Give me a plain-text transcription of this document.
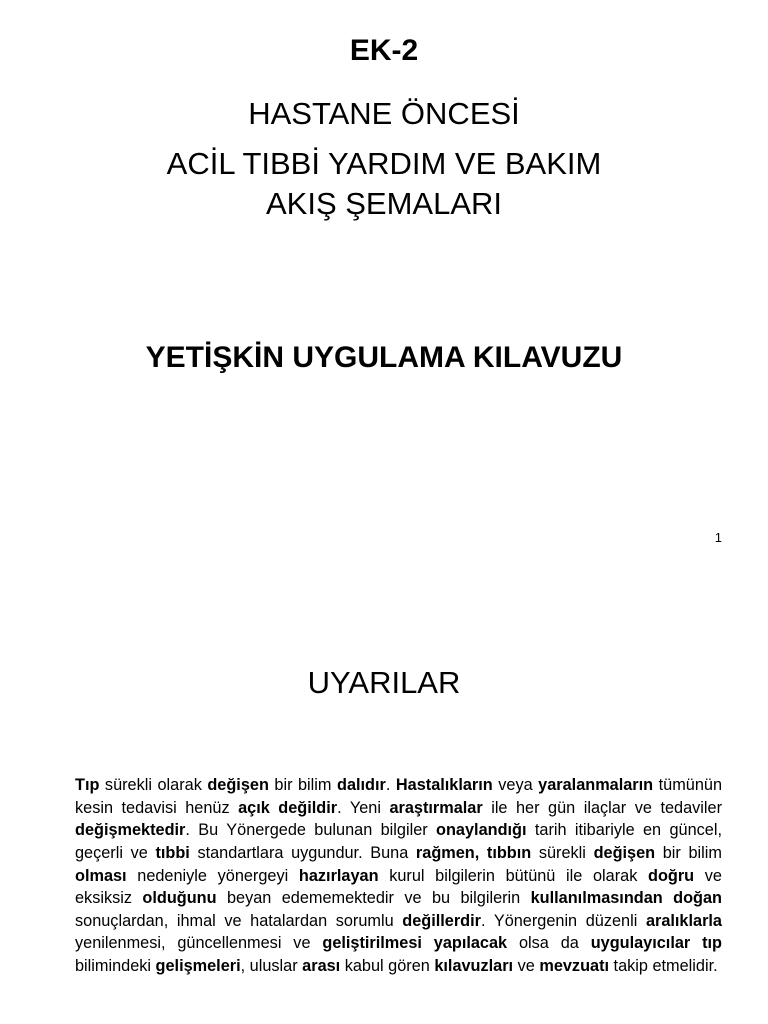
EK-2
HASTANE ÖNCESİ
ACİL TIBBİ YARDIM VE BAKIM
AKIŞ ŞEMALARI
YETİŞKİN UYGULAMA KILAVUZU
1
UYARILAR

Tıp sürekli olarak değişen bir bilim dalıdır. Hastalıkların veya yaralanmaların tümünün kesin tedavisi henüz açık değildir. Yeni araştırmalar ile her gün ilaçlar ve tedaviler değişmektedir. Bu Yönergede bulunan bilgiler onaylandığı tarih itibariyle en güncel, geçerli ve tıbbi standartlara uygundur. Buna rağmen, tıbbın sürekli değişen bir bilim olması nedeniyle yönergeyi hazırlayan kurul bilgilerin bütünü ile olarak doğru ve eksiksiz olduğunu beyan edememektedir ve bu bilgilerin kullanılmasından doğan sonuçlardan, ihmal ve hatalardan sorumlu değillerdir. Yönergenin düzenli aralıklarla yenilenmesi, güncellenmesi ve geliştirilmesi yapılacak olsa da uygulayıcılar tıp bilimindeki gelişmeleri, uluslar arası kabul gören kılavuzları ve mevzuatı takip etmelidir.
